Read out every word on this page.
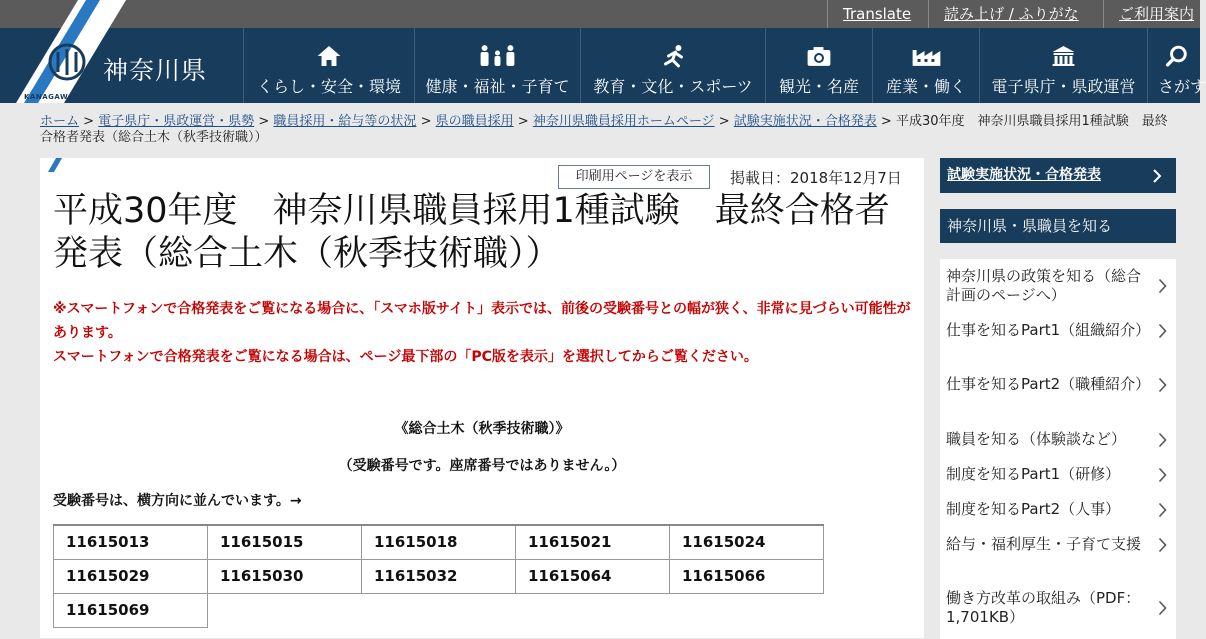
Translate	読み上げ / ふりがな	ご利用案内
神奈川県
KANAGAWA
くらし・安全・環境	健康・福祉・子育て	教育・文化・スポーツ	観光・名産	産業・働く	電子県庁・県政運営	さがす
ホーム > 電子県庁・県政運営・県勢 > 職員採用・給与等の状況 > 県の職員採用 > 神奈川県職員採用ホームページ > 試験実施状況・合格発表 > 平成30年度　神奈川県職員採用1種試験　最終合格者発表（総合土木（秋季技術職））
印刷用ページを表示	掲載日：2018年12月7日
平成30年度　神奈川県職員採用1種試験　最終合格者発表（総合土木（秋季技術職））
※スマートフォンで合格発表をご覧になる場合に、「スマホ版サイト」表示では、前後の受験番号との幅が狭く、非常に見づらい可能性があります。
スマートフォンで合格発表をご覧になる場合は、ページ最下部の「PC版を表示」を選択してからご覧ください。
《総合土木（秋季技術職）》
（受験番号です。座席番号ではありません。）
受験番号は、横方向に並んでいます。→
11615013	11615015	11615018	11615021	11615024
11615029	11615030	11615032	11615064	11615066
11615069				
試験実施状況・合格発表
神奈川県・県職員を知る
神奈川県の政策を知る（総合計画のページへ）
仕事を知るPart1（組織紹介）
仕事を知るPart2（職種紹介）
職員を知る（体験談など）
制度を知るPart1（研修）
制度を知るPart2（人事）
給与・福利厚生・子育て支援
働き方改革の取組み（PDF：1,701KB）
